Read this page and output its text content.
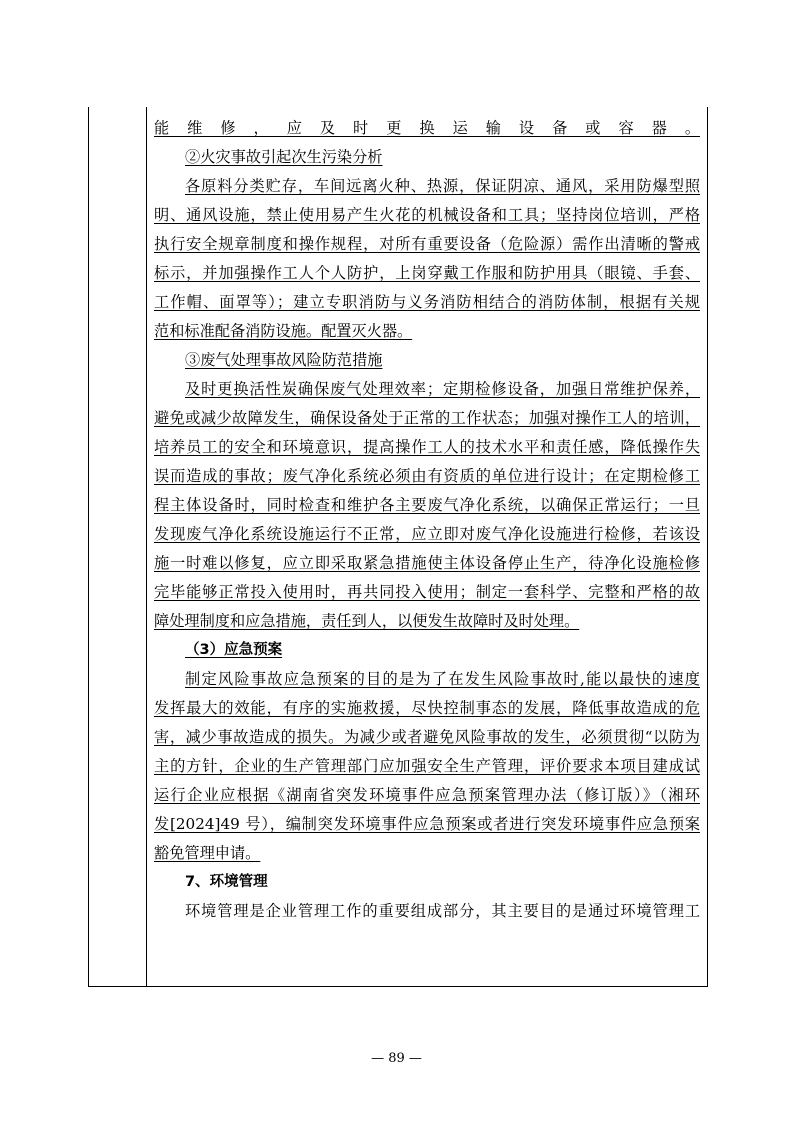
能维修，应及时更换运输设备或容器。
②火灾事故引起次生污染分析
各原料分类贮存，车间远离火种、热源，保证阴凉、通风，采用防爆型照
明、通风设施，禁止使用易产生火花的机械设备和工具；坚持岗位培训，严格
执行安全规章制度和操作规程，对所有重要设备（危险源）需作出清晰的警戒
标示，并加强操作工人个人防护，上岗穿戴工作服和防护用具（眼镜、手套、
工作帽、面罩等）；建立专职消防与义务消防相结合的消防体制，根据有关规
范和标准配备消防设施。配置灭火器。
③废气处理事故风险防范措施
及时更换活性炭确保废气处理效率；定期检修设备，加强日常维护保养，
避免或减少故障发生，确保设备处于正常的工作状态；加强对操作工人的培训，
培养员工的安全和环境意识，提高操作工人的技术水平和责任感，降低操作失
误而造成的事故；废气净化系统必须由有资质的单位进行设计；在定期检修工
程主体设备时，同时检查和维护各主要废气净化系统，以确保正常运行；一旦
发现废气净化系统设施运行不正常，应立即对废气净化设施进行检修，若该设
施一时难以修复，应立即采取紧急措施使主体设备停止生产，待净化设施检修
完毕能够正常投入使用时，再共同投入使用；制定一套科学、完整和严格的故
障处理制度和应急措施，责任到人，以便发生故障时及时处理。
（3）应急预案
制定风险事故应急预案的目的是为了在发生风险事故时,能以最快的速度
发挥最大的效能，有序的实施救援，尽快控制事态的发展，降低事故造成的危
害，减少事故造成的损失。为减少或者避免风险事故的发生，必须贯彻“以防为
主的方针，企业的生产管理部门应加强安全生产管理，评价要求本项目建成试
运行企业应根据《湖南省突发环境事件应急预案管理办法（修订版）》（湘环
发[2024]49 号），编制突发环境事件应急预案或者进行突发环境事件应急预案
豁免管理申请。
7、环境管理
环境管理是企业管理工作的重要组成部分，其主要目的是通过环境管理工
— 89 —
